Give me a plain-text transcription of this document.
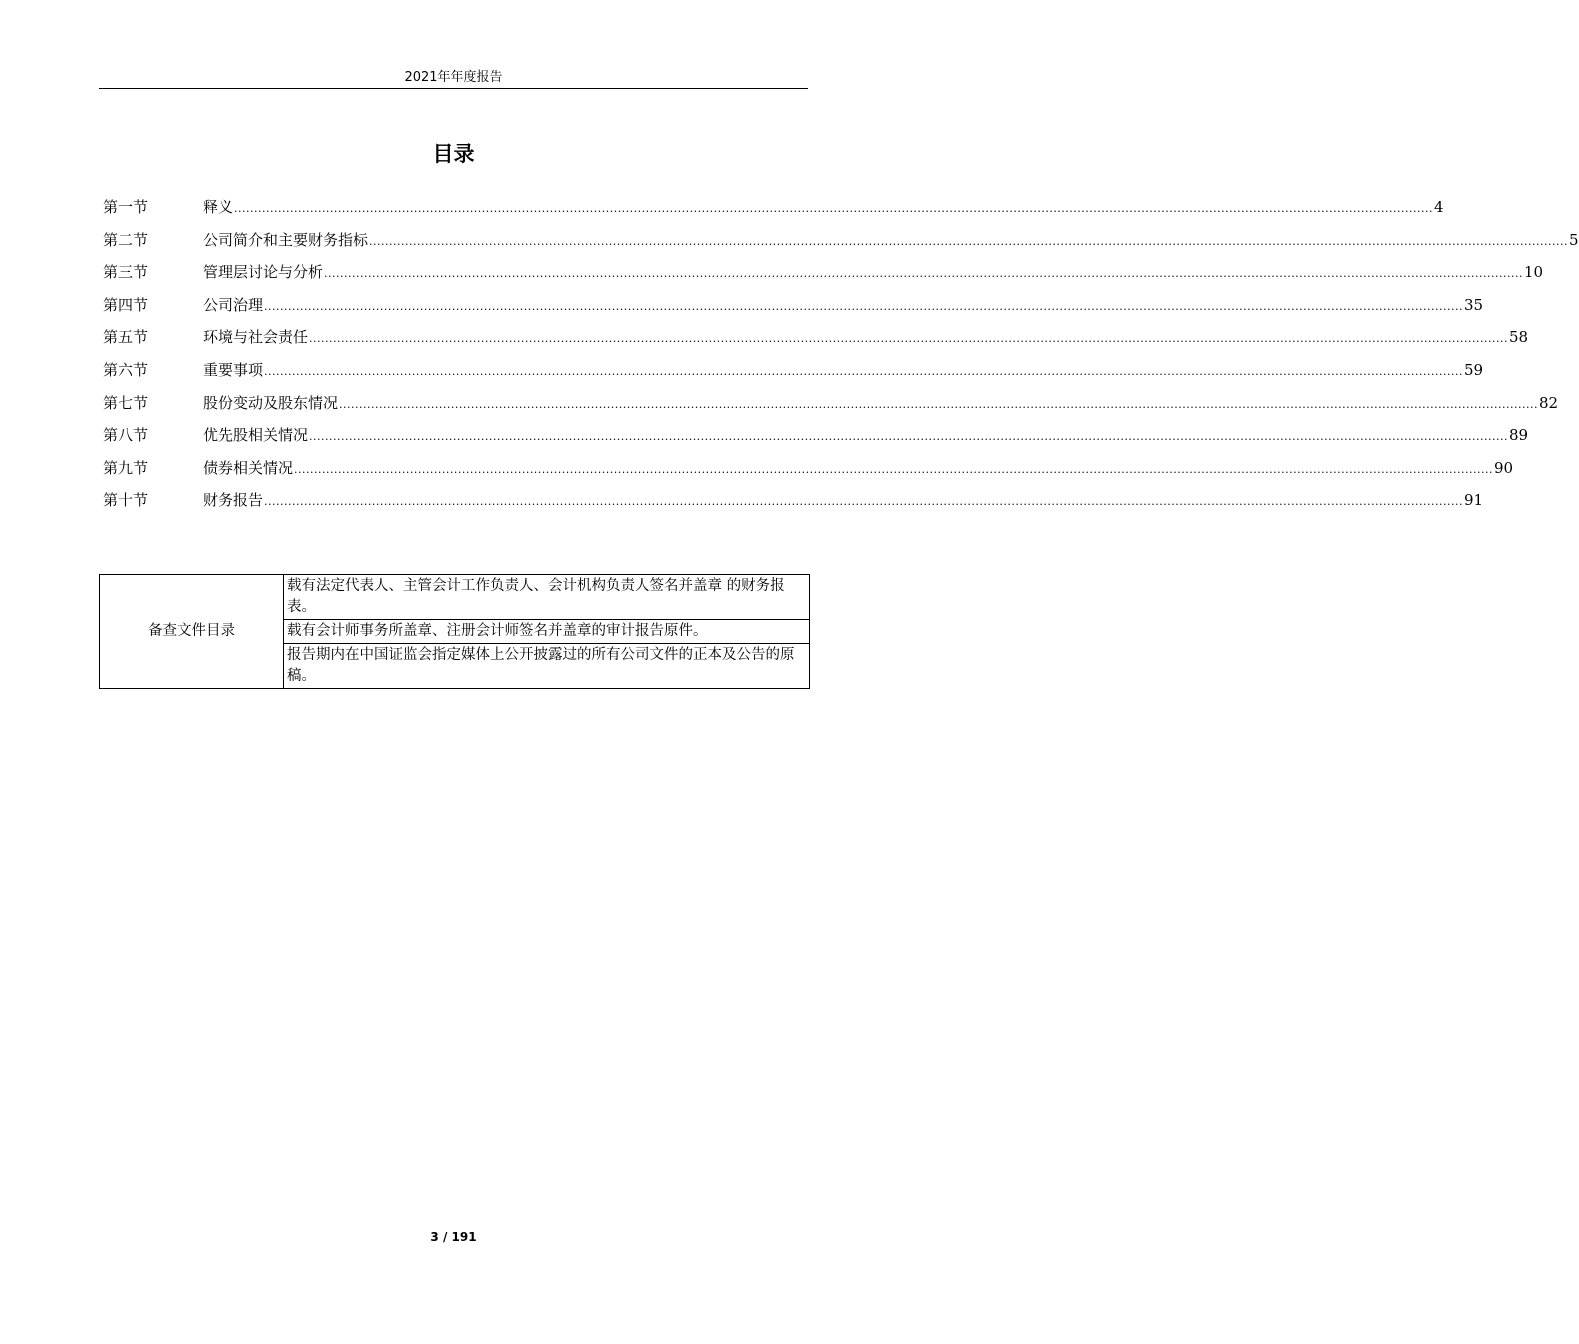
2021年年度报告
目录
第一节	释义 ............................................................................................................................................................................................................................................................................................................ 4
第二节	公司简介和主要财务指标 ............................................................................................................................................................................................................................................................................................................ 5
第三节	管理层讨论与分析 ............................................................................................................................................................................................................................................................................................................ 10
第四节	公司治理 ............................................................................................................................................................................................................................................................................................................ 35
第五节	环境与社会责任 ............................................................................................................................................................................................................................................................................................................ 58
第六节	重要事项 ............................................................................................................................................................................................................................................................................................................ 59
第七节	股份变动及股东情况 ............................................................................................................................................................................................................................................................................................................ 82
第八节	优先股相关情况 ............................................................................................................................................................................................................................................................................................................ 89
第九节	债券相关情况 ............................................................................................................................................................................................................................................................................................................ 90
第十节	财务报告 ............................................................................................................................................................................................................................................................................................................ 91
备查文件目录	载有法定代表人、主管会计工作负责人、会计机构负责人签名并盖章 的财务报表。
载有会计师事务所盖章、注册会计师签名并盖章的审计报告原件。
报告期内在中国证监会指定媒体上公开披露过的所有公司文件的正本及公告的原稿。
3 / 191
